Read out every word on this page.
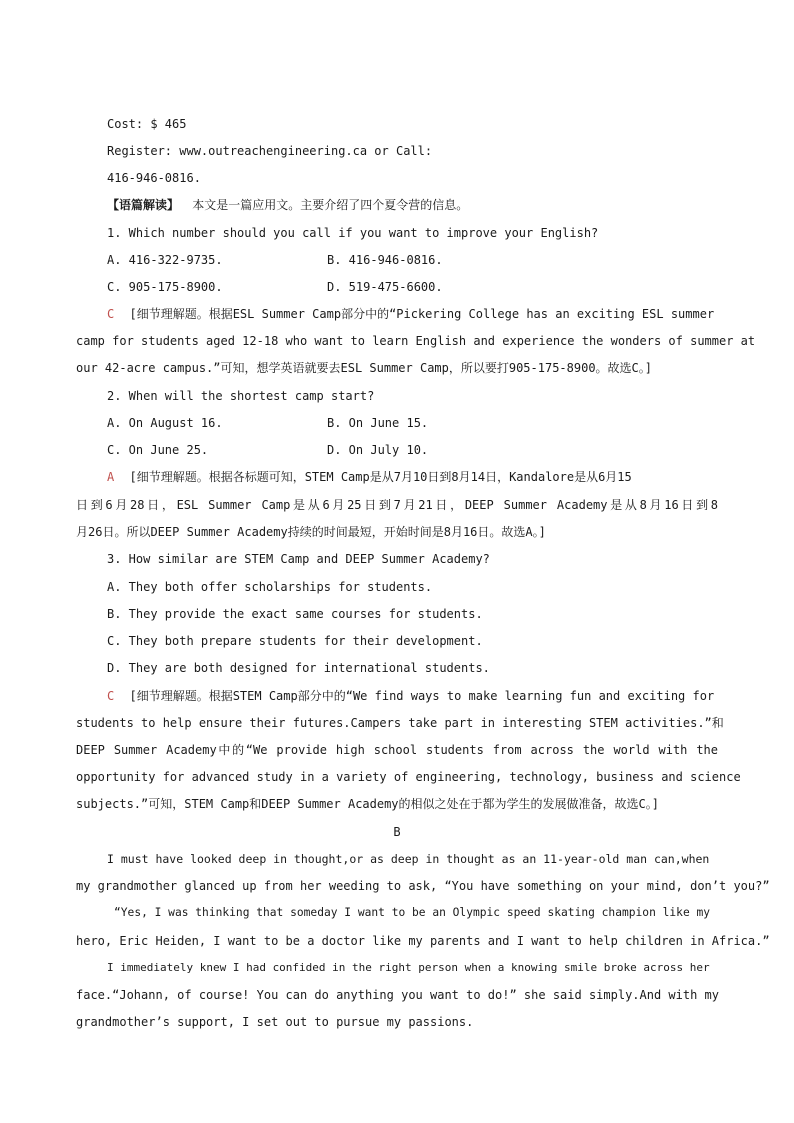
Cost: $ 465
Register: www.outreachengineering.ca or Call:
416-946-0816.
【语篇解读】 本文是一篇应用文。主要介绍了四个夏令营的信息。
1. Which number should you call if you want to improve your English?
A. 416-322-9735.	B. 416-946-0816.
C. 905-175-8900.	D. 519-475-6600.
C [细节理解题。根据ESL Summer Camp部分中的“Pickering College has an exciting ESL summer
camp for students aged 12-18 who want to learn English and experience the wonders of summer at
our 42-acre campus.”可知，想学英语就要去ESL Summer Camp，所以要打905-175-8900。故选C。]
2. When will the shortest camp start?
A. On August 16.	B. On June 15.
C. On June 25.	D. On July 10.
A [细节理解题。根据各标题可知，STEM Camp是从7月10日到8月14日，Kandalore是从6月15
日到6月28日，ESL Summer Camp是从6月25日到7月21日，DEEP Summer Academy是从8月16日到8
月26日。所以DEEP Summer Academy持续的时间最短，开始时间是8月16日。故选A。]
3. How similar are STEM Camp and DEEP Summer Academy?
A. They both offer scholarships for students.
B. They provide the exact same courses for students.
C. They both prepare students for their development.
D. They are both designed for international students.
C [细节理解题。根据STEM Camp部分中的“We find ways to make learning fun and exciting for
students to help ensure their futures.Campers take part in interesting STEM activities.”和
DEEP Summer Academy中的“We provide high school students from across the world with the
opportunity for advanced study in a variety of engineering, technology, business and science
subjects.”可知，STEM Camp和DEEP Summer Academy的相似之处在于都为学生的发展做准备，故选C。]
B
I must have looked deep in thought,or as deep in thought as an 11-year-old man can,when
my grandmother glanced up from her weeding to ask, “You have something on your mind, don’t you?”
“Yes, I was thinking that someday I want to be an Olympic speed skating champion like my
hero, Eric Heiden, I want to be a doctor like my parents and I want to help children in Africa.”
I immediately knew I had confided in the right person when a knowing smile broke across her
face.“Johann, of course! You can do anything you want to do!” she said simply.And with my
grandmother’s support, I set out to pursue my passions.
